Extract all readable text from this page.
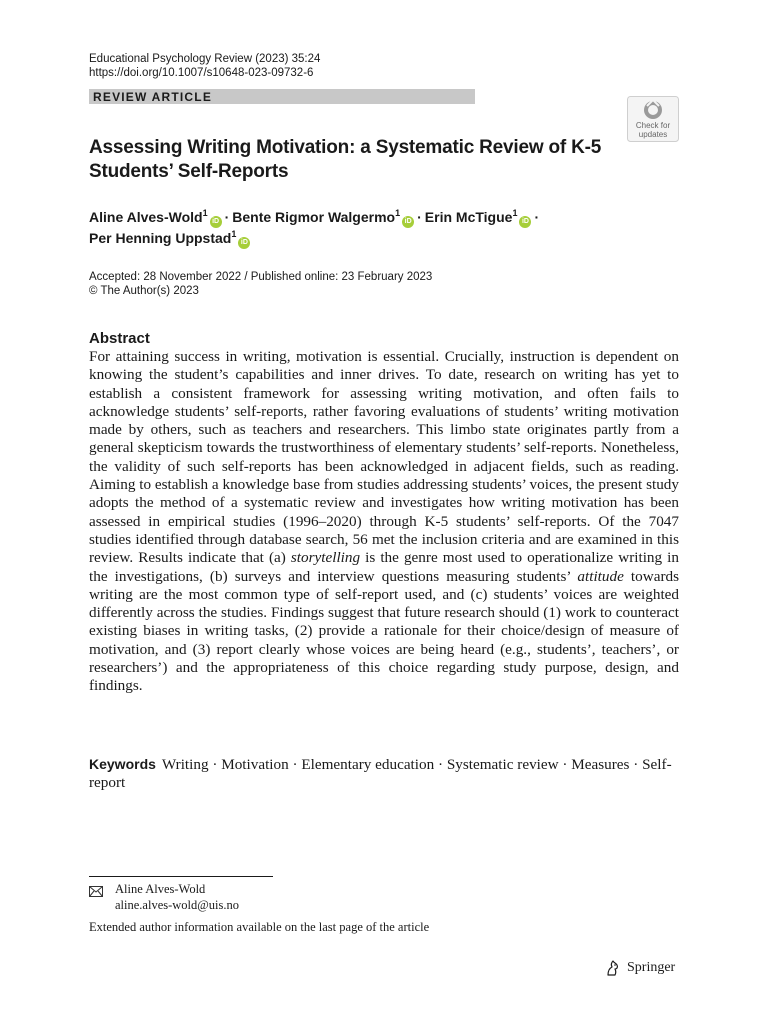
Educational Psychology Review (2023) 35:24
https://doi.org/10.1007/s10648-023-09732-6
REVIEW ARTICLE
Check for
updates
Assessing Writing Motivation: a Systematic Review of K-5 Students’ Self-Reports
Aline Alves-Wold$^1$iD · Bente Rigmor Walgermo$^1$iD · Erin McTigue$^1$iD ·
Per Henning Uppstad$^1$iD
Accepted: 28 November 2022 / Published online: 23 February 2023
© The Author(s) 2023
Abstract
For attaining success in writing, motivation is essential. Crucially, instruction is dependent on knowing the student’s capabilities and inner drives. To date, research on writing has yet to establish a consistent framework for assessing writing motivation, and often fails to acknowledge students’ self-reports, rather favoring evaluations of students’ writing motivation made by others, such as teachers and researchers. This limbo state originates partly from a general skepticism towards the trustworthiness of elementary students’ self-reports. Nonetheless, the validity of such self-reports has been acknowledged in adjacent fields, such as reading. Aiming to establish a knowledge base from studies addressing students’ voices, the present study adopts the method of a systematic review and investigates how writing motivation has been assessed in empirical studies (1996–2020) through K-5 students’ self-reports. Of the 7047 studies identified through database search, 56 met the inclusion criteria and are examined in this review. Results indicate that (a) storytelling is the genre most used to operationalize writing in the investigations, (b) surveys and interview questions measuring students’ attitude towards writing are the most common type of self-report used, and (c) students’ voices are weighted differently across the studies. Findings suggest that future research should (1) work to counteract existing biases in writing tasks, (2) provide a rationale for their choice/design of measure of motivation, and (3) report clearly whose voices are being heard (e.g., students’, teachers’, or researchers’) and the appropriateness of this choice regarding study purpose, design, and findings.
Keywords Writing · Motivation · Elementary education · Systematic review · Measures · Self-report
Aline Alves-Wold
aline.alves-wold@uis.no
Extended author information available on the last page of the article
Springer
